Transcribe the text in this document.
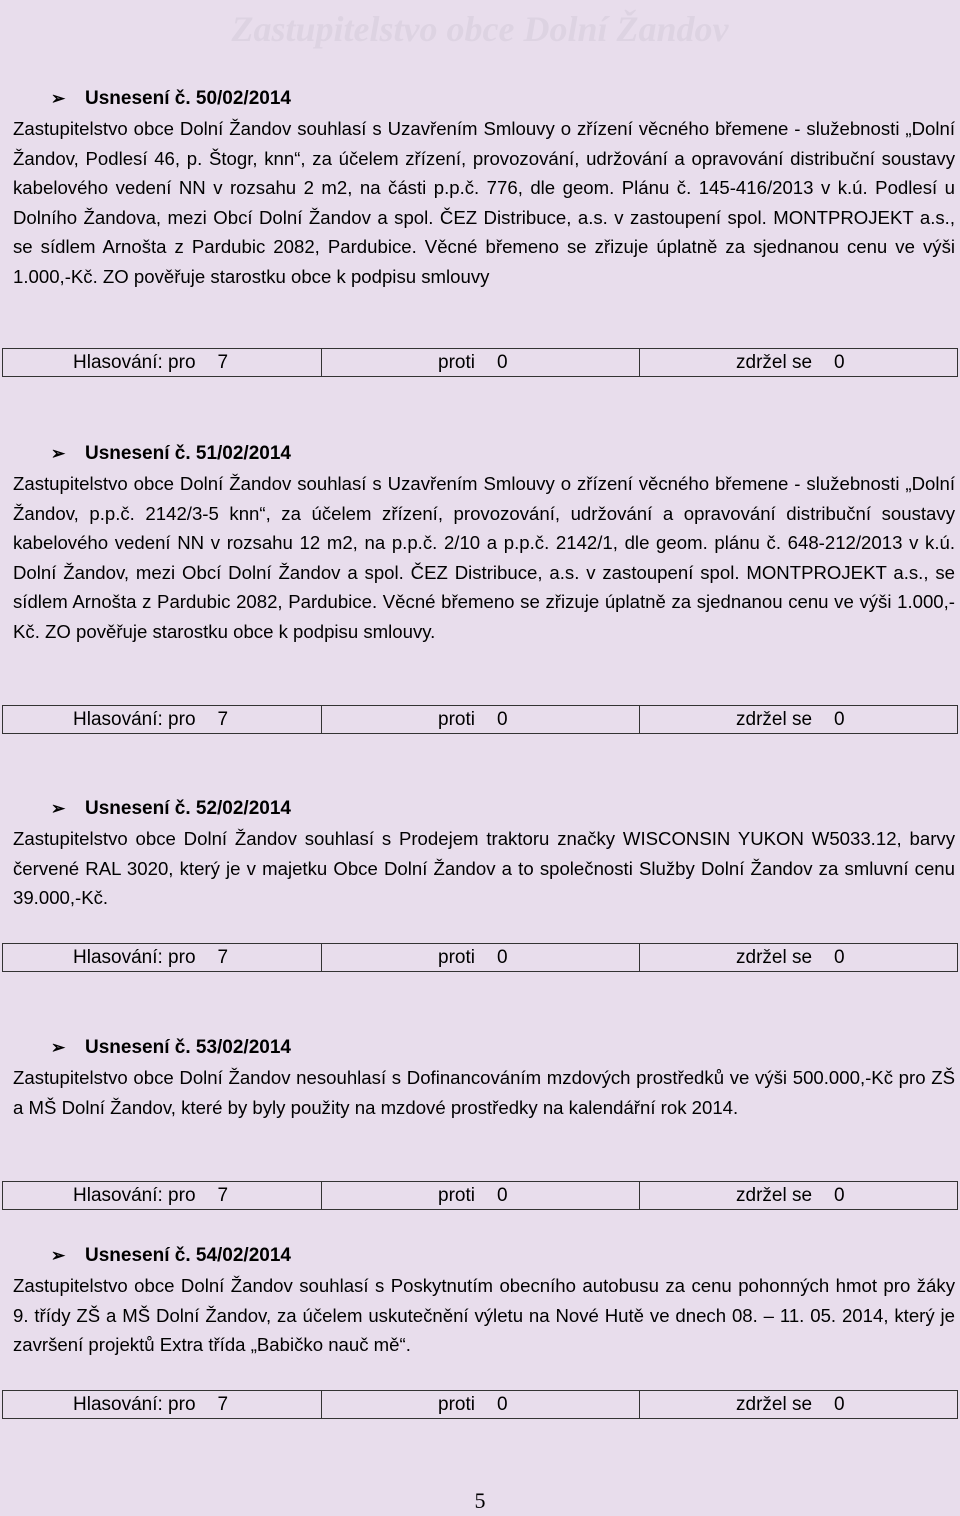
Zastupitelstvo obce Dolní Žandov
➢ Usnesení č. 50/02/2014

Zastupitelstvo obce Dolní Žandov souhlasí s Uzavřením Smlouvy o zřízení věcného břemene - služebnosti „Dolní Žandov, Podlesí 46, p. Štogr, knn“, za účelem zřízení, provozování, udržování a opravování distribuční soustavy kabelového vedení NN v rozsahu 2 m2, na části p.p.č. 776, dle geom. Plánu č. 145-416/2013 v k.ú. Podlesí u Dolního Žandova, mezi Obcí Dolní Žandov a spol. ČEZ Distribuce, a.s. v zastoupení spol. MONTPROJEKT a.s., se sídlem Arnošta z Pardubic 2082, Pardubice. Věcné břemeno se zřizuje úplatně za sjednanou cenu ve výši 1.000,-Kč. ZO pověřuje starostku obce k podpisu smlouvy

Hlasování: pro 7	proti 0	zdržel se 0
➢ Usnesení č. 51/02/2014

Zastupitelstvo obce Dolní Žandov souhlasí s Uzavřením Smlouvy o zřízení věcného břemene - služebnosti „Dolní Žandov, p.p.č. 2142/3-5 knn“, za účelem zřízení, provozování, udržování a opravování distribuční soustavy kabelového vedení NN v rozsahu 12 m2, na p.p.č. 2/10 a p.p.č. 2142/1, dle geom. plánu č. 648-212/2013 v k.ú. Dolní Žandov, mezi Obcí Dolní Žandov a spol. ČEZ Distribuce, a.s. v zastoupení spol. MONTPROJEKT a.s., se sídlem Arnošta z Pardubic 2082, Pardubice. Věcné břemeno se zřizuje úplatně za sjednanou cenu ve výši 1.000,-Kč. ZO pověřuje starostku obce k podpisu smlouvy.

Hlasování: pro 7	proti 0	zdržel se 0
➢ Usnesení č. 52/02/2014

Zastupitelstvo obce Dolní Žandov souhlasí s Prodejem traktoru značky WISCONSIN YUKON W5033.12, barvy červené RAL 3020, který je v majetku Obce Dolní Žandov a to společnosti Služby Dolní Žandov za smluvní cenu 39.000,-Kč.

Hlasování: pro 7	proti 0	zdržel se 0
➢ Usnesení č. 53/02/2014

Zastupitelstvo obce Dolní Žandov nesouhlasí s Dofinancováním mzdových prostředků ve výši 500.000,-Kč pro ZŠ a MŠ Dolní Žandov, které by byly použity na mzdové prostředky na kalendářní rok 2014.

Hlasování: pro 7	proti 0	zdržel se 0
➢ Usnesení č. 54/02/2014

Zastupitelstvo obce Dolní Žandov souhlasí s Poskytnutím obecního autobusu za cenu pohonných hmot pro žáky 9. třídy ZŠ a MŠ Dolní Žandov, za účelem uskutečnění výletu na Nové Hutě ve dnech 08. – 11. 05. 2014, který je završení projektů Extra třída „Babičko nauč mě“.

Hlasování: pro 7	proti 0	zdržel se 0
5
